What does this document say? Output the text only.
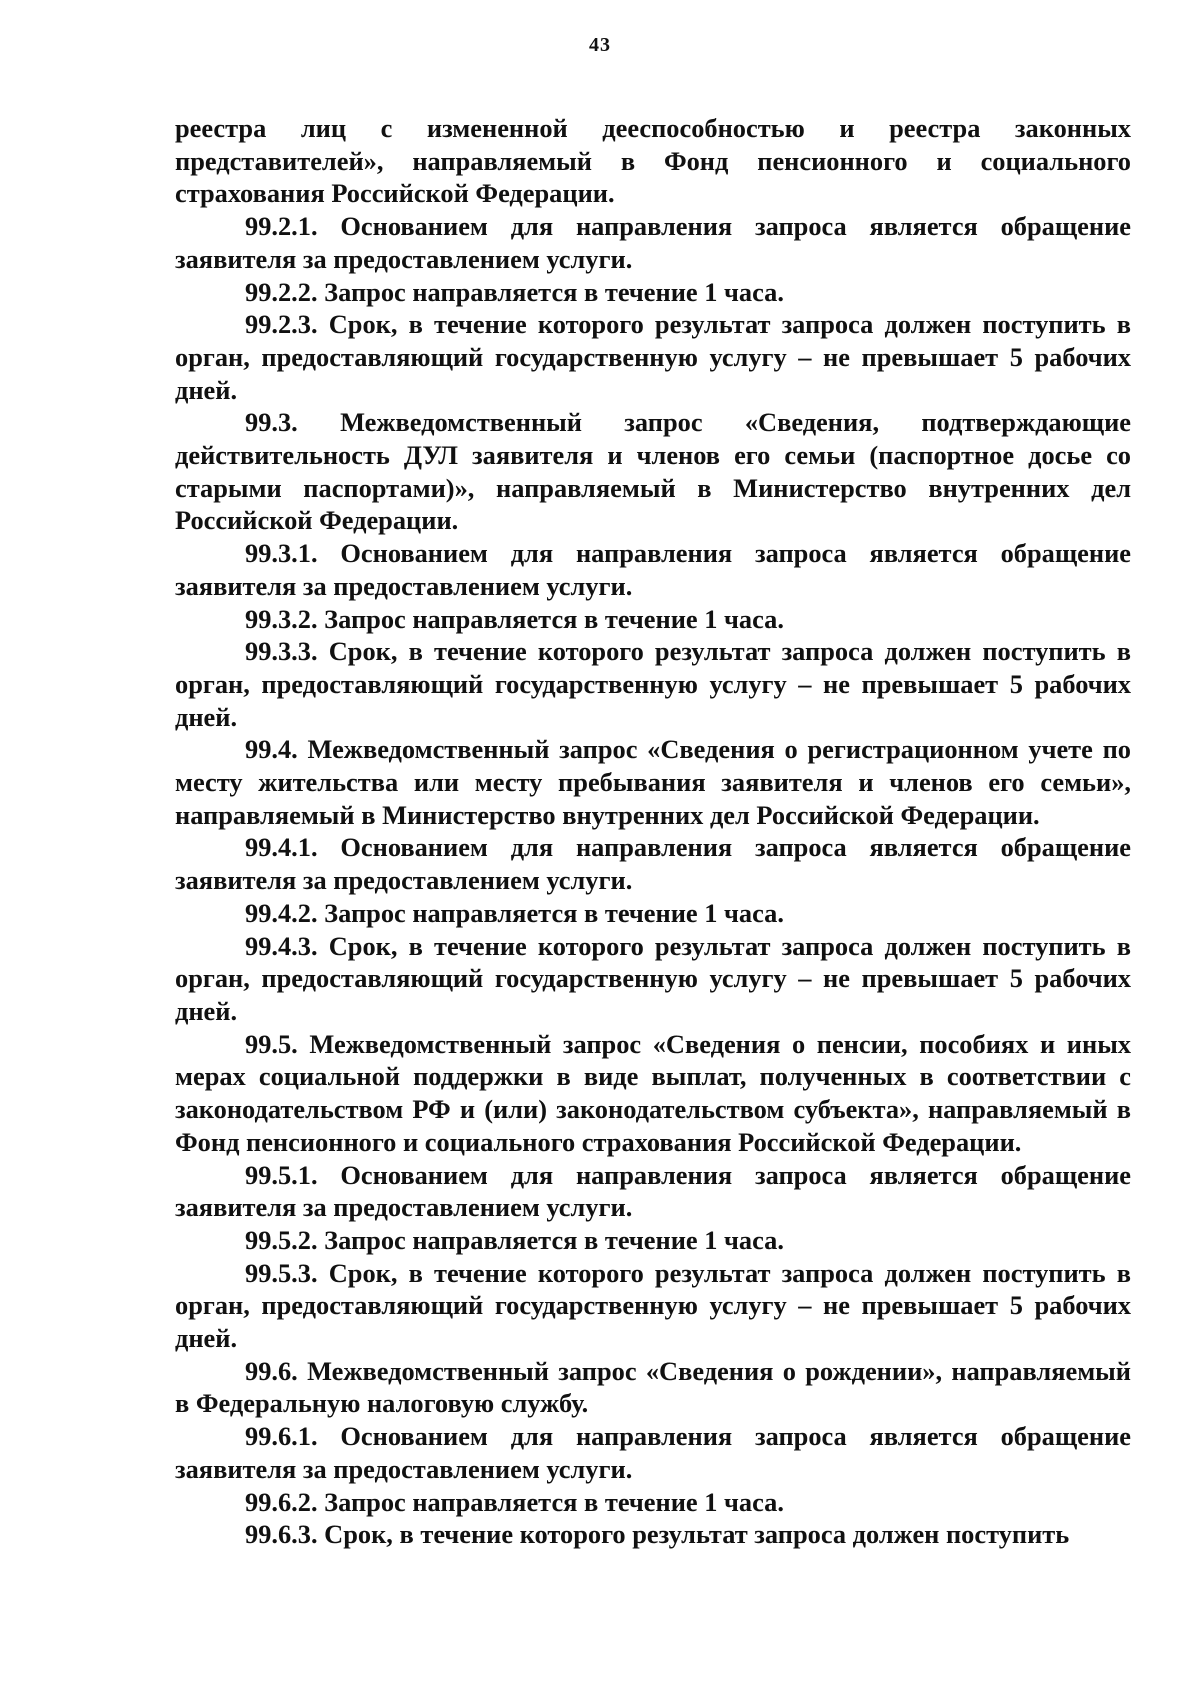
43

реестра лиц с измененной дееспособностью и реестра законных представителей», направляемый в Фонд пенсионного и социального страхования Российской Федерации.

99.2.1. Основанием для направления запроса является обращение заявителя за предоставлением услуги.

99.2.2. Запрос направляется в течение 1 часа.

99.2.3. Срок, в течение которого результат запроса должен поступить в орган, предоставляющий государственную услугу – не превышает 5 рабочих дней.

99.3. Межведомственный запрос «Сведения, подтверждающие действительность ДУЛ заявителя и членов его семьи (паспортное досье со старыми паспортами)», направляемый в Министерство внутренних дел Российской Федерации.

99.3.1. Основанием для направления запроса является обращение заявителя за предоставлением услуги.

99.3.2. Запрос направляется в течение 1 часа.

99.3.3. Срок, в течение которого результат запроса должен поступить в орган, предоставляющий государственную услугу – не превышает 5 рабочих дней.

99.4. Межведомственный запрос «Сведения о регистрационном учете по месту жительства или месту пребывания заявителя и членов его семьи», направляемый в Министерство внутренних дел Российской Федерации.

99.4.1. Основанием для направления запроса является обращение заявителя за предоставлением услуги.

99.4.2. Запрос направляется в течение 1 часа.

99.4.3. Срок, в течение которого результат запроса должен поступить в орган, предоставляющий государственную услугу – не превышает 5 рабочих дней.

99.5. Межведомственный запрос «Сведения о пенсии, пособиях и иных мерах социальной поддержки в виде выплат, полученных в соответствии с законодательством РФ и (или) законодательством субъекта», направляемый в Фонд пенсионного и социального страхования Российской Федерации.

99.5.1. Основанием для направления запроса является обращение заявителя за предоставлением услуги.

99.5.2. Запрос направляется в течение 1 часа.

99.5.3. Срок, в течение которого результат запроса должен поступить в орган, предоставляющий государственную услугу – не превышает 5 рабочих дней.

99.6. Межведомственный запрос «Сведения о рождении», направляемый в Федеральную налоговую службу.

99.6.1. Основанием для направления запроса является обращение заявителя за предоставлением услуги.

99.6.2. Запрос направляется в течение 1 часа.

99.6.3. Срок, в течение которого результат запроса должен поступить
